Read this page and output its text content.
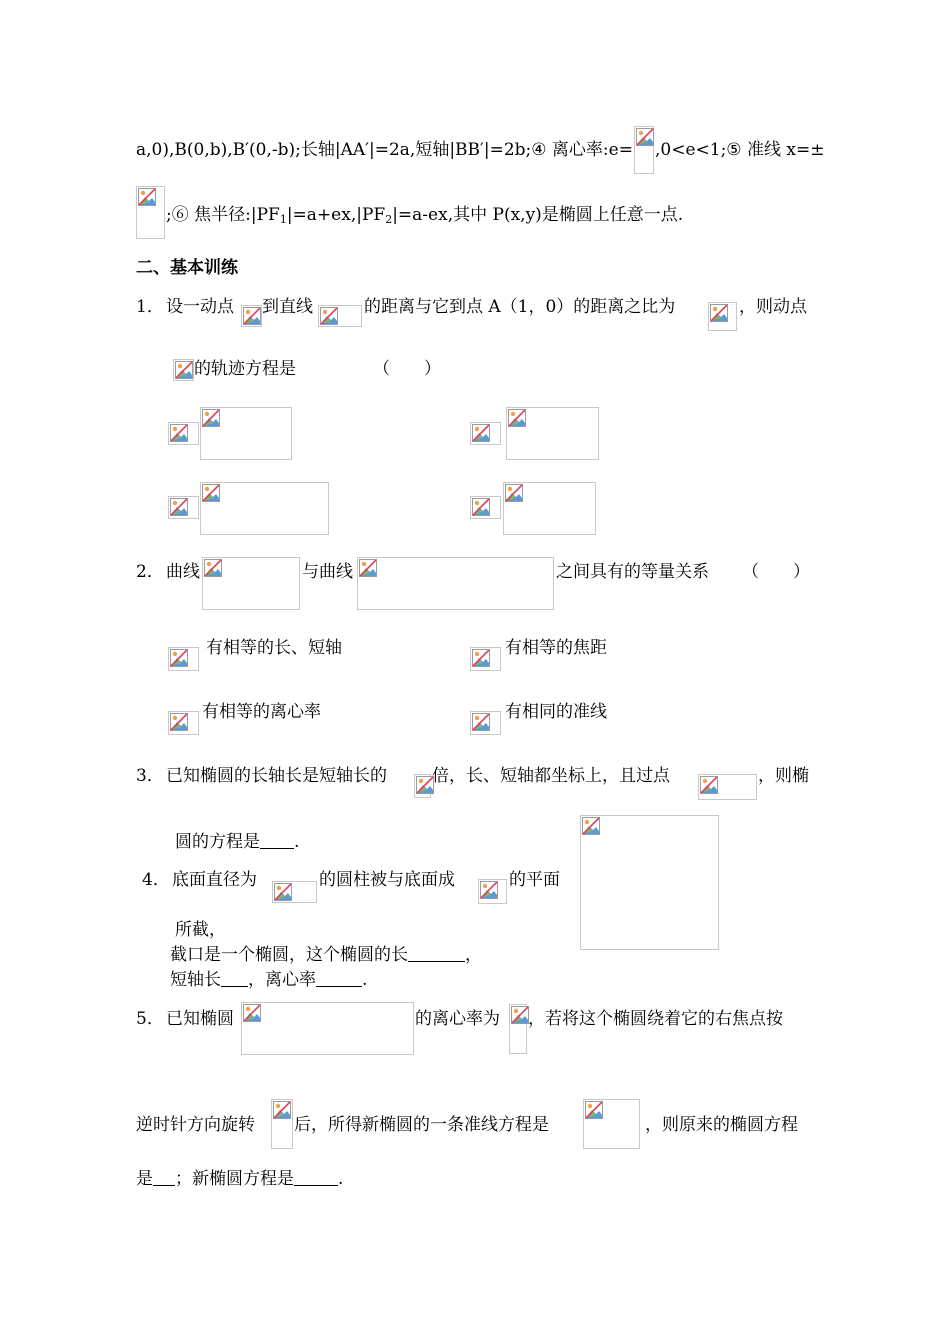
a,0),B(0,b),B′(0,-b);长轴|AA′|=2a,短轴|BB′|=2b;④ 离心率:e= ,0<e<1;⑤ 准线 x=±
;⑥ 焦半径$:|PF_1|=a+ex,|PF_2|=a-ex$,其中 P(x,y)是椭圆上任意一点.
二、基本训练
1． 设一动点 到直线	的距离与它到点 A（1，0）的距离之比为	，则动点
的轨迹方程是	（　　）
2． 曲线	与曲线	之间具有的等量关系 （　　）
有相等的长、短轴	有相等的焦距
有相等的离心率	有相同的准线
3． 已知椭圆的长轴长是短轴长的	倍，长、短轴都坐标上，且过点	，则椭
圆的方程是 .
4． 底面直径为	的圆柱被与底面成	的平面
所截，
截口是一个椭圆，这个椭圆的长	，
短轴长 ，离心率	.
5． 已知椭圆	的离心率为 ，若将这个椭圆绕着它的右焦点按
逆时针方向旋转 后，所得新椭圆的一条准线方程是	，则原来的椭圆方程
是 ；新椭圆方程是	.
